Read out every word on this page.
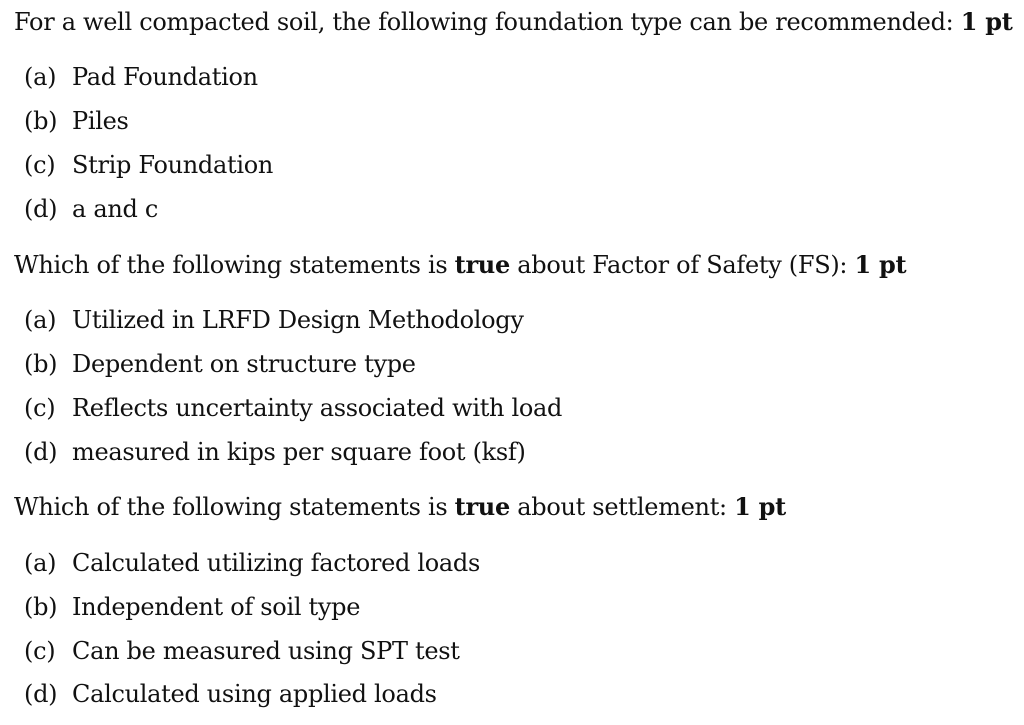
For a well compacted soil, the following foundation type can be recommended: 1 pt
(a) Pad Foundation
(b) Piles
(c) Strip Foundation
(d) a and c
Which of the following statements is true about Factor of Safety (FS): 1 pt
(a) Utilized in LRFD Design Methodology
(b) Dependent on structure type
(c) Reflects uncertainty associated with load
(d) measured in kips per square foot (ksf)
Which of the following statements is true about settlement: 1 pt
(a) Calculated utilizing factored loads
(b) Independent of soil type
(c) Can be measured using SPT test
(d) Calculated using applied loads
